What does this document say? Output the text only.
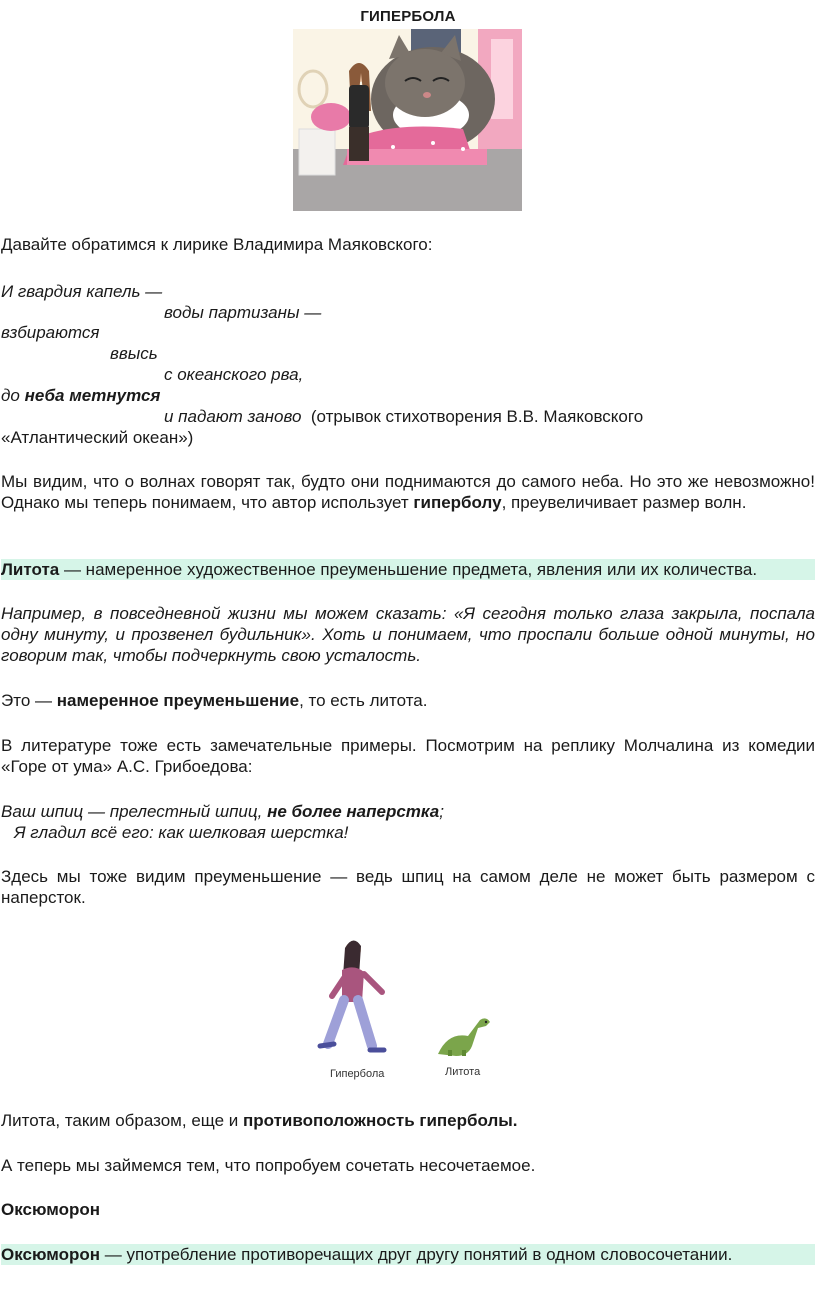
ГИПЕРБОЛА
Давайте обратимся к лирике Владимира Маяковского:
И гвардия капель —
воды партизаны —
взбираются
ввысь
с океанского рва,
до неба метнутся
и падают заново (отрывок стихотворения В.В. Маяковского
«Атлантический океан»)
Мы видим, что о волнах говорят так, будто они поднимаются до самого неба. Но это же невозможно! Однако мы теперь понимаем, что автор использует гиперболу, преувеличивает размер волн.
Литота — намеренное художественное преуменьшение предмета, явления или их количества.
Например, в повседневной жизни мы можем сказать: «Я сегодня только глаза закрыла, поспала одну минуту, и прозвенел будильник». Хоть и понимаем, что проспали больше одной минуты, но говорим так, чтобы подчеркнуть свою усталость.
Это — намеренное преуменьшение, то есть литота.
В литературе тоже есть замечательные примеры. Посмотрим на реплику Молчалина из комедии «Горе от ума» А.С. Грибоедова:
Ваш шпиц — прелестный шпиц, не более наперстка;
Я гладил всё его: как шелковая шерстка!
Здесь мы тоже видим преуменьшение — ведь шпиц на самом деле не может быть размером с наперсток.
Гипербола	Литота
Литота, таким образом, еще и противоположность гиперболы.
А теперь мы займемся тем, что попробуем сочетать несочетаемое.
Оксюморон
Оксюморон — употребление противоречащих друг другу понятий в одном словосочетании.
